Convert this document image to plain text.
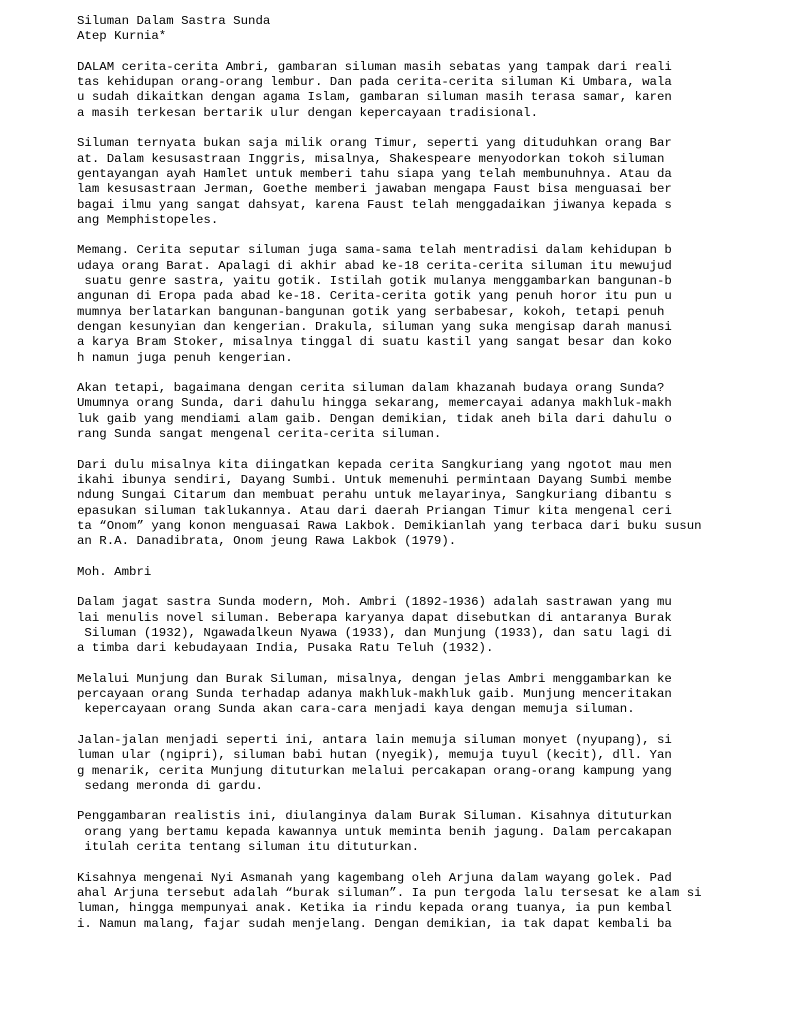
Siluman Dalam Sastra Sunda
Atep Kurnia*
DALAM cerita-cerita Ambri, gambaran siluman masih sebatas yang tampak dari reali
tas kehidupan orang-orang lembur. Dan pada cerita-cerita siluman Ki Umbara, wala
u sudah dikaitkan dengan agama Islam, gambaran siluman masih terasa samar, karen
a masih terkesan bertarik ulur dengan kepercayaan tradisional.
Siluman ternyata bukan saja milik orang Timur, seperti yang dituduhkan orang Bar
at. Dalam kesusastraan Inggris, misalnya, Shakespeare menyodorkan tokoh siluman
gentayangan ayah Hamlet untuk memberi tahu siapa yang telah membunuhnya. Atau da
lam kesusastraan Jerman, Goethe memberi jawaban mengapa Faust bisa menguasai ber
bagai ilmu yang sangat dahsyat, karena Faust telah menggadaikan jiwanya kepada s
ang Memphistopeles.
Memang. Cerita seputar siluman juga sama-sama telah mentradisi dalam kehidupan b
udaya orang Barat. Apalagi di akhir abad ke-18 cerita-cerita siluman itu mewujud
suatu genre sastra, yaitu gotik. Istilah gotik mulanya menggambarkan bangunan-b
angunan di Eropa pada abad ke-18. Cerita-cerita gotik yang penuh horor itu pun u
mumnya berlatarkan bangunan-bangunan gotik yang serbabesar, kokoh, tetapi penuh
dengan kesunyian dan kengerian. Drakula, siluman yang suka mengisap darah manusi
a karya Bram Stoker, misalnya tinggal di suatu kastil yang sangat besar dan koko
h namun juga penuh kengerian.
Akan tetapi, bagaimana dengan cerita siluman dalam khazanah budaya orang Sunda?
Umumnya orang Sunda, dari dahulu hingga sekarang, memercayai adanya makhluk-makh
luk gaib yang mendiami alam gaib. Dengan demikian, tidak aneh bila dari dahulu o
rang Sunda sangat mengenal cerita-cerita siluman.
Dari dulu misalnya kita diingatkan kepada cerita Sangkuriang yang ngotot mau men
ikahi ibunya sendiri, Dayang Sumbi. Untuk memenuhi permintaan Dayang Sumbi membe
ndung Sungai Citarum dan membuat perahu untuk melayarinya, Sangkuriang dibantu s
epasukan siluman taklukannya. Atau dari daerah Priangan Timur kita mengenal ceri
ta “Onom” yang konon menguasai Rawa Lakbok. Demikianlah yang terbaca dari buku susun
an R.A. Danadibrata, Onom jeung Rawa Lakbok (1979).
Moh. Ambri
Dalam jagat sastra Sunda modern, Moh. Ambri (1892-1936) adalah sastrawan yang mu
lai menulis novel siluman. Beberapa karyanya dapat disebutkan di antaranya Burak
Siluman (1932), Ngawadalkeun Nyawa (1933), dan Munjung (1933), dan satu lagi di
a timba dari kebudayaan India, Pusaka Ratu Teluh (1932).
Melalui Munjung dan Burak Siluman, misalnya, dengan jelas Ambri menggambarkan ke
percayaan orang Sunda terhadap adanya makhluk-makhluk gaib. Munjung menceritakan
kepercayaan orang Sunda akan cara-cara menjadi kaya dengan memuja siluman.
Jalan-jalan menjadi seperti ini, antara lain memuja siluman monyet (nyupang), si
luman ular (ngipri), siluman babi hutan (nyegik), memuja tuyul (kecit), dll. Yan
g menarik, cerita Munjung dituturkan melalui percakapan orang-orang kampung yang
sedang meronda di gardu.
Penggambaran realistis ini, diulanginya dalam Burak Siluman. Kisahnya dituturkan
orang yang bertamu kepada kawannya untuk meminta benih jagung. Dalam percakapan
itulah cerita tentang siluman itu dituturkan.
Kisahnya mengenai Nyi Asmanah yang kagembang oleh Arjuna dalam wayang golek. Pad
ahal Arjuna tersebut adalah “burak siluman”. Ia pun tergoda lalu tersesat ke alam si
luman, hingga mempunyai anak. Ketika ia rindu kepada orang tuanya, ia pun kembal
i. Namun malang, fajar sudah menjelang. Dengan demikian, ia tak dapat kembali ba
